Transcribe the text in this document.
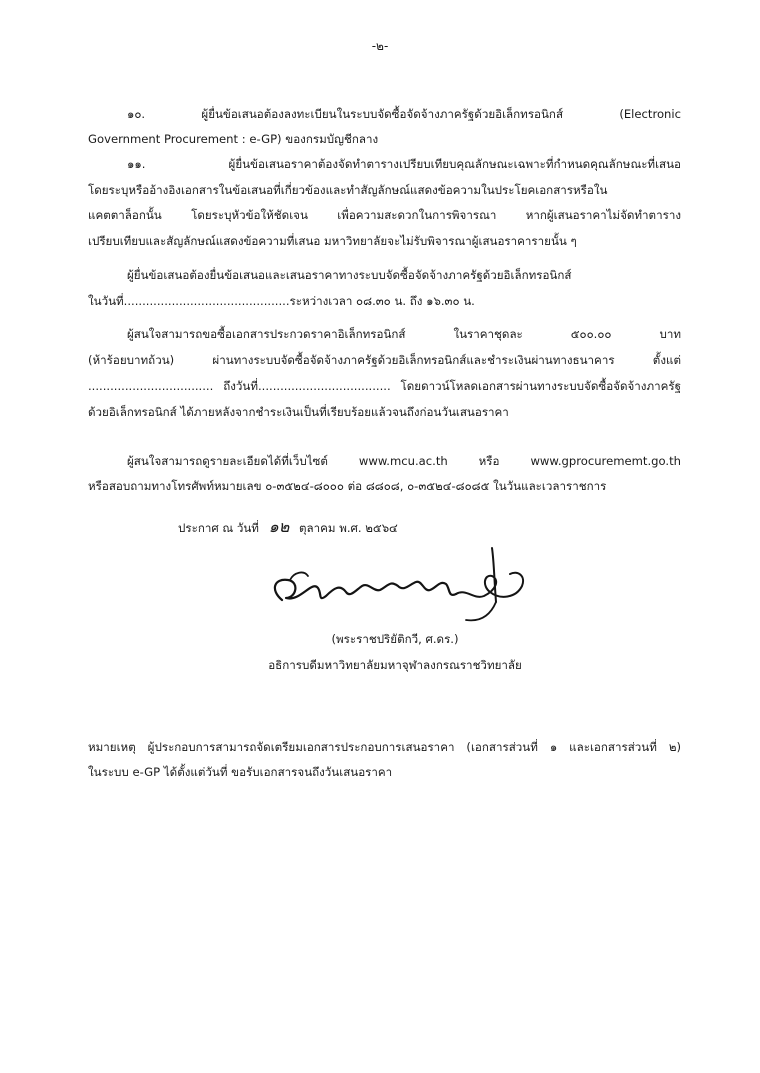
-๒-
๑๐. ผู้ยื่นข้อเสนอต้องลงทะเบียนในระบบจัดซื้อจัดจ้างภาครัฐด้วยอิเล็กทรอนิกส์ (Electronic
Government Procurement : e-GP) ของกรมบัญชีกลาง
๑๑. ผู้ยื่นข้อเสนอราคาต้องจัดทำตารางเปรียบเทียบคุณลักษณะเฉพาะที่กำหนดคุณลักษณะที่เสนอ
โดยระบุหรืออ้างอิงเอกสารในข้อเสนอที่เกี่ยวข้องและทำสัญลักษณ์แสดงข้อความในประโยคเอกสารหรือใน
แคตตาล็อกนั้น โดยระบุหัวข้อให้ชัดเจน เพื่อความสะดวกในการพิจารณา หากผู้เสนอราคาไม่จัดทำตาราง
เปรียบเทียบและสัญลักษณ์แสดงข้อความที่เสนอ มหาวิทยาลัยจะไม่รับพิจารณาผู้เสนอราคารายนั้น ๆ
ผู้ยื่นข้อเสนอต้องยื่นข้อเสนอและเสนอราคาทางระบบจัดซื้อจัดจ้างภาครัฐด้วยอิเล็กทรอนิกส์
ในวันที่.............................................ระหว่างเวลา ๐๘.๓๐ น. ถึง ๑๖.๓๐ น.
ผู้สนใจสามารถขอซื้อเอกสารประกวดราคาอิเล็กทรอนิกส์ ในราคาชุดละ ๕๐๐.๐๐ บาท
(ห้าร้อยบาทถ้วน) ผ่านทางระบบจัดซื้อจัดจ้างภาครัฐด้วยอิเล็กทรอนิกส์และชำระเงินผ่านทางธนาคาร ตั้งแต่
.................................. ถึงวันที่.................................... โดยดาวน์โหลดเอกสารผ่านทางระบบจัดซื้อจัดจ้างภาครัฐ
ด้วยอิเล็กทรอนิกส์ ได้ภายหลังจากชำระเงินเป็นที่เรียบร้อยแล้วจนถึงก่อนวันเสนอราคา
ผู้สนใจสามารถดูรายละเอียดได้ที่เว็บไซต์ www.mcu.ac.th หรือ www.gprocurememt.go.th
หรือสอบถามทางโทรศัพท์หมายเลข ๐-๓๕๒๔-๘๐๐๐ ต่อ ๘๘๐๘, ๐-๓๕๒๔-๘๐๘๕ ในวันและเวลาราชการ
ประกาศ ณ วันที่ ๑๒ ตุลาคม พ.ศ. ๒๕๖๔
(พระราชปริยัติกวี, ศ.ดร.)
อธิการบดีมหาวิทยาลัยมหาจุฬาลงกรณราชวิทยาลัย
หมายเหตุ ผู้ประกอบการสามารถจัดเตรียมเอกสารประกอบการเสนอราคา (เอกสารส่วนที่ ๑ และเอกสารส่วนที่ ๒)
ในระบบ e-GP ได้ตั้งแต่วันที่ ขอรับเอกสารจนถึงวันเสนอราคา
